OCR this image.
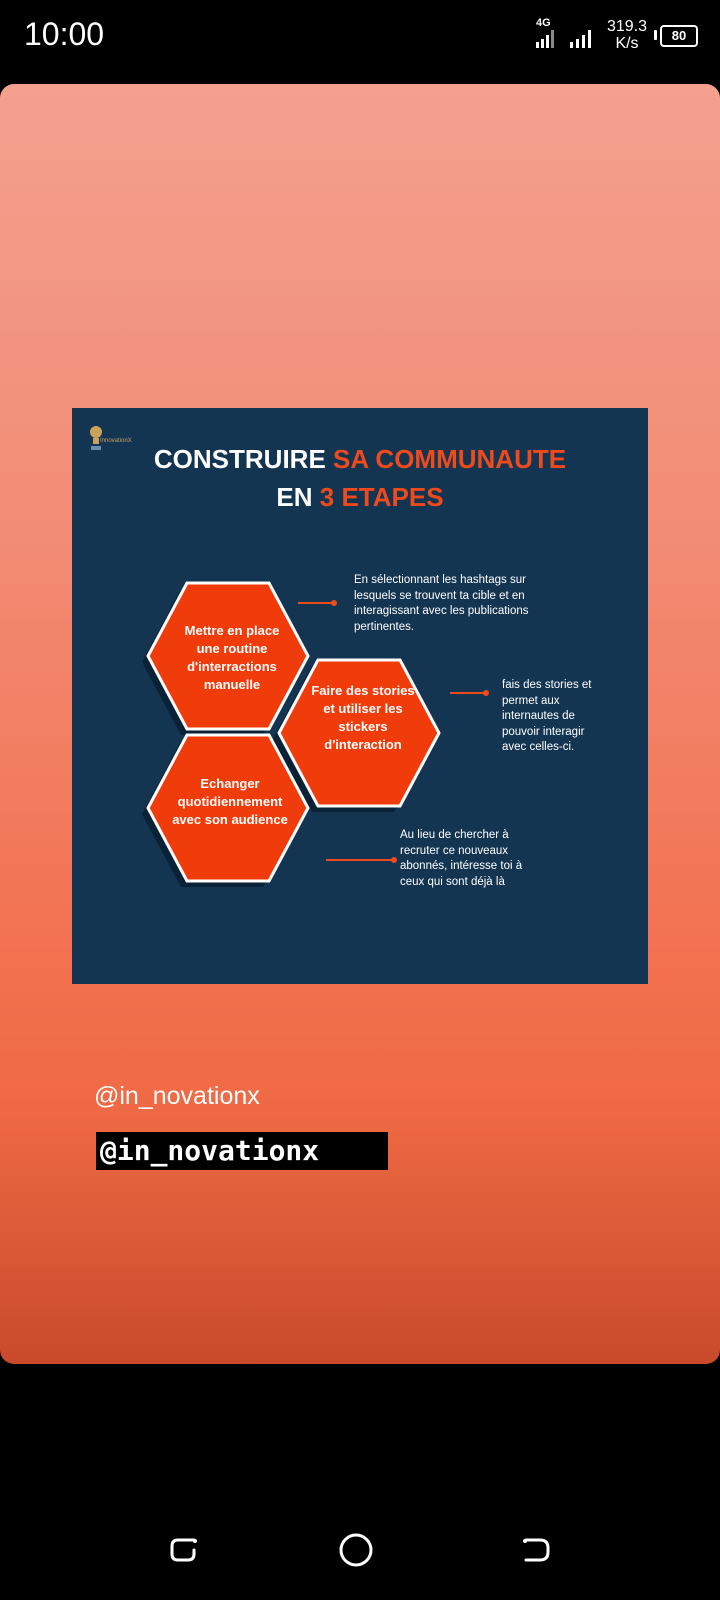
10:00	4G	319.3
K/s	80
InnovationX
CONSTRUIRE SA COMMUNAUTE
EN 3 ETAPES
Mettre en place une routine d'interractions manuelle	Faire des stories et utiliser les stickers d'interaction
Echanger quotidiennement avec son audience
En sélectionnant les hashtags sur lesquels se trouvent ta cible et en interagissant avec les publications pertinentes.
fais des stories et permet aux internautes de pouvoir interagir avec celles-ci.
Au lieu de chercher à recruter ce nouveaux abonnés, intéresse toi à ceux qui sont déjà là
@in_novationx
@in_novationx
